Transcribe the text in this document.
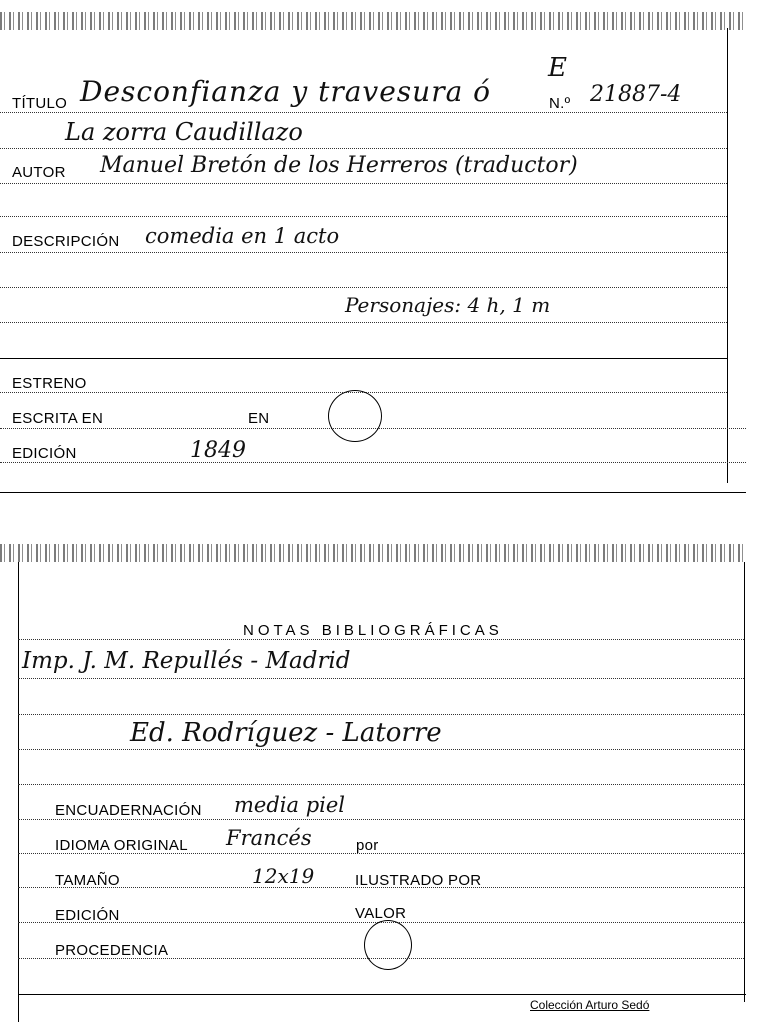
E
TÍTULO Desconfianza y travesura ó	N.º 21887-4
La zorra Caudillazo
AUTOR Manuel Bretón de los Herreros (traductor)
DESCRIPCIÓN comedia en 1 acto
Personajes: 4 h, 1 m
ESTRENO
ESCRITA EN	EN
EDICIÓN	1849
NOTAS BIBLIOGRÁFICAS
Imp. J. M. Repullés - Madrid
Ed. Rodríguez - Latorre
ENCUADERNACIÓN media piel
IDIOMA ORIGINAL Francés	por
TAMAÑO	12x19	ILUSTRADO POR
EDICIÓN	VALOR
PROCEDENCIA
Colección Arturo Sedó
